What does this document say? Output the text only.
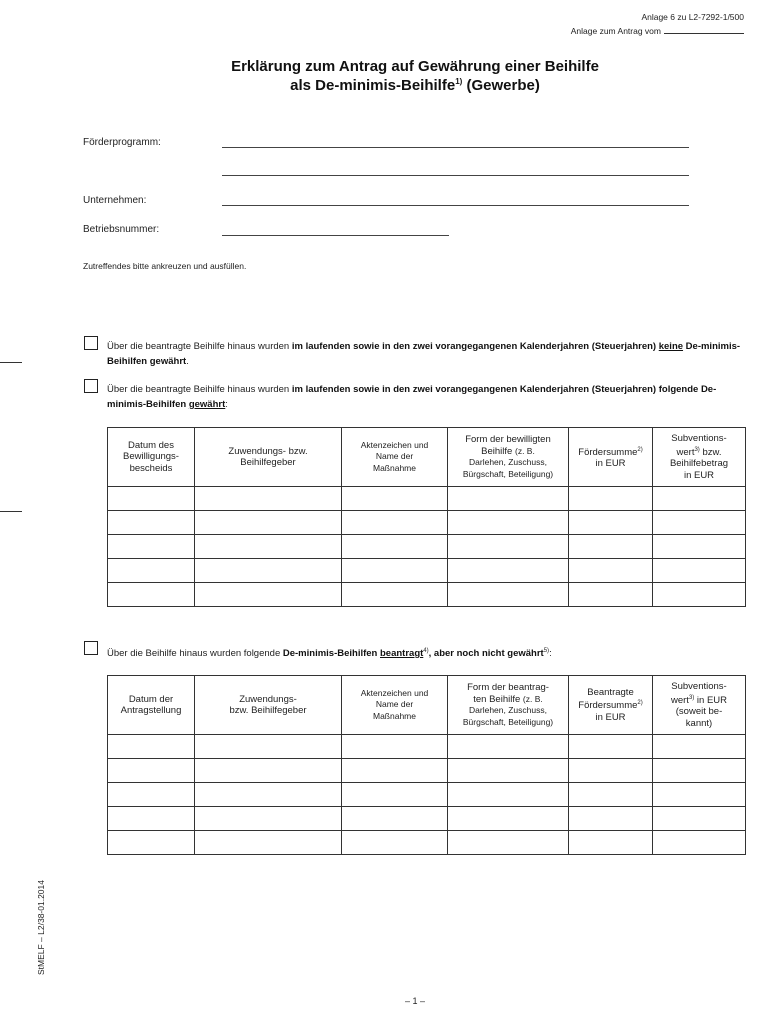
Anlage 6 zu L2-7292-1/500
Anlage zum Antrag vom
Erklärung zum Antrag auf Gewährung einer Beihilfe
als De-minimis-Beihilfe$^{1)}$ (Gewerbe)
Förderprogramm:
Unternehmen:
Betriebsnummer:
Zutreffendes bitte ankreuzen und ausfüllen.
Über die beantragte Beihilfe hinaus wurden im laufenden sowie in den zwei vorangegangenen Kalenderjahren (Steuerjahren) keine De-minimis-Beihilfen gewährt.
Über die beantragte Beihilfe hinaus wurden im laufenden sowie in den zwei vorangegangenen Kalenderjahren (Steuerjahren) folgende De-minimis-Beihilfen gewährt:
Datum des
Bewilligungs-
bescheids	Zuwendungs- bzw.
Beihilfegeber	Aktenzeichen und
Name der
Maßnahme	Form der bewilligten
Beihilfe (z. B.
Darlehen, Zuschuss,
Bürgschaft, Beteiligung)	Fördersumme$^{2)}$
in EUR	Subventions-
wert$^{3)}$ bzw.
Beihilfebetrag
in EUR

Über die Beihilfe hinaus wurden folgende De-minimis-Beihilfen beantragt$^{4)}$, aber noch nicht gewährt$^{5)}$:
Datum der
Antragstellung	Zuwendungs-
bzw. Beihilfegeber	Aktenzeichen und
Name der
Maßnahme	Form der beantrag-
ten Beihilfe (z. B.
Darlehen, Zuschuss,
Bürgschaft, Beteiligung)	Beantragte
Fördersumme$^{2)}$
in EUR	Subventions-
wert$^{3)}$ in EUR
(soweit be-
kannt)

StMELF – L2/38-01.2014
– 1 –
